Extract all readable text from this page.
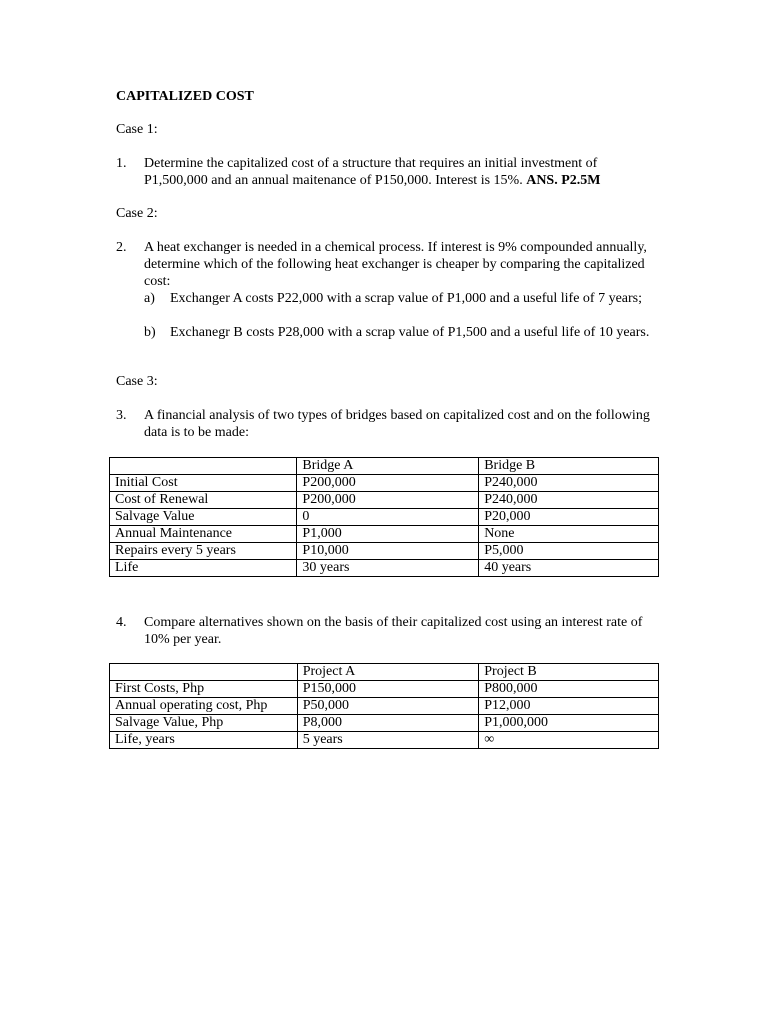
CAPITALIZED COST
Case 1:
1.	Determine the capitalized cost of a structure that requires an initial investment of P1,500,000 and an annual maitenance of P150,000. Interest is 15%. ANS. P2.5M

Case 2:
2.	A heat exchanger is needed in a chemical process. If interest is 9% compounded annually, determine which of the following heat exchanger is cheaper by comparing the capitalized cost:

a)	Exchanger A costs P22,000 with a scrap value of P1,000 and a useful life of 7 years;

b)	Exchanegr B costs P28,000 with a scrap value of P1,500 and a useful life of 10 years.

Case 3:
3.	A financial analysis of two types of bridges based on capitalized cost and on the following data is to be made:

	Bridge A	Bridge B
Initial Cost	P200,000	P240,000
Cost of Renewal	P200,000	P240,000
Salvage Value	0	P20,000
Annual Maintenance	P1,000	None
Repairs every 5 years	P10,000	P5,000
Life	30 years	40 years
4.	Compare alternatives shown on the basis of their capitalized cost using an interest rate of 10% per year.

	Project A	Project B
First Costs, Php	P150,000	P800,000
Annual operating cost, Php	P50,000	P12,000
Salvage Value, Php	P8,000	P1,000,000
Life, years	5 years	∞
